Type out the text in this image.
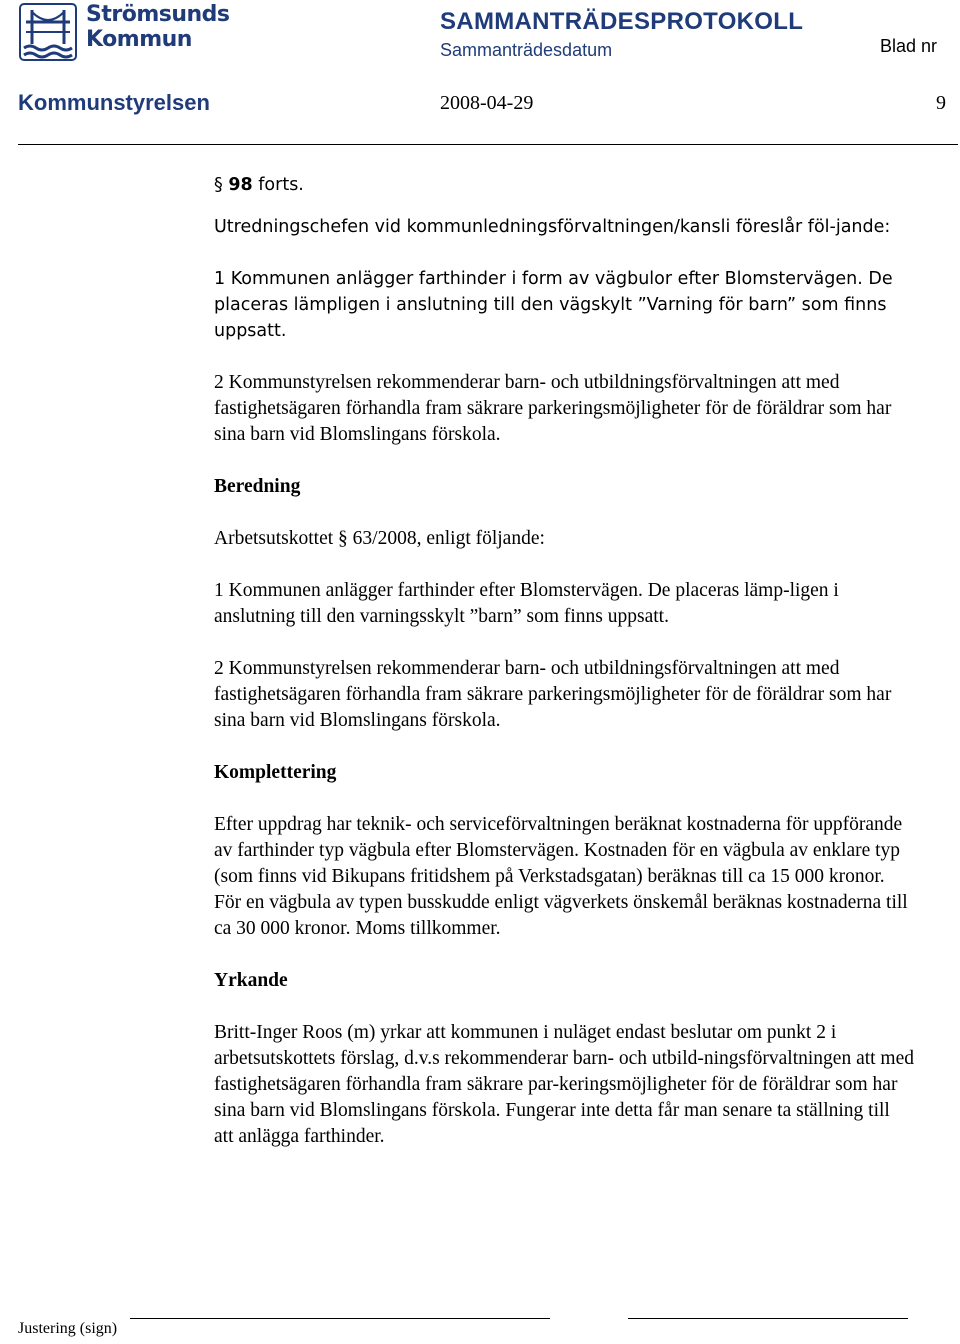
Strömsunds
Kommun
SAMMANTRÄDESPROTOKOLL
Sammanträdesdatum	Blad nr
Kommunstyrelsen	2008-04-29	9
§ 98 forts.

Utredningschefen vid kommunledningsförvaltningen/kansli föreslår föl-jande:

1 Kommunen anlägger farthinder i form av vägbulor efter Blomstervägen. De placeras lämpligen i anslutning till den vägskylt ”Varning för barn” som finns uppsatt.

2 Kommunstyrelsen rekommenderar barn- och utbildningsförvaltningen att med fastighetsägaren förhandla fram säkrare parkeringsmöjligheter för de föräldrar som har sina barn vid Blomslingans förskola.

Beredning

Arbetsutskottet § 63/2008, enligt följande:

1 Kommunen anlägger farthinder efter Blomstervägen. De placeras lämp-ligen i anslutning till den varningsskylt ”barn” som finns uppsatt.

2 Kommunstyrelsen rekommenderar barn- och utbildningsförvaltningen att med fastighetsägaren förhandla fram säkrare parkeringsmöjligheter för de föräldrar som har sina barn vid Blomslingans förskola.

Komplettering

Efter uppdrag har teknik- och serviceförvaltningen beräknat kostnaderna för uppförande av farthinder typ vägbula efter Blomstervägen. Kostnaden för en vägbula av enklare typ (som finns vid Bikupans fritidshem på Verkstadsgatan) beräknas till ca 15 000 kronor. För en vägbula av typen busskudde enligt vägverkets önskemål beräknas kostnaderna till ca 30 000 kronor. Moms tillkommer.

Yrkande

Britt-Inger Roos (m) yrkar att kommunen i nuläget endast beslutar om punkt 2 i arbetsutskottets förslag, d.v.s rekommenderar barn- och utbild-ningsförvaltningen att med fastighetsägaren förhandla fram säkrare par-keringsmöjligheter för de föräldrar som har sina barn vid Blomslingans förskola. Fungerar inte detta får man senare ta ställning till att anlägga farthinder.

Justering (sign)
